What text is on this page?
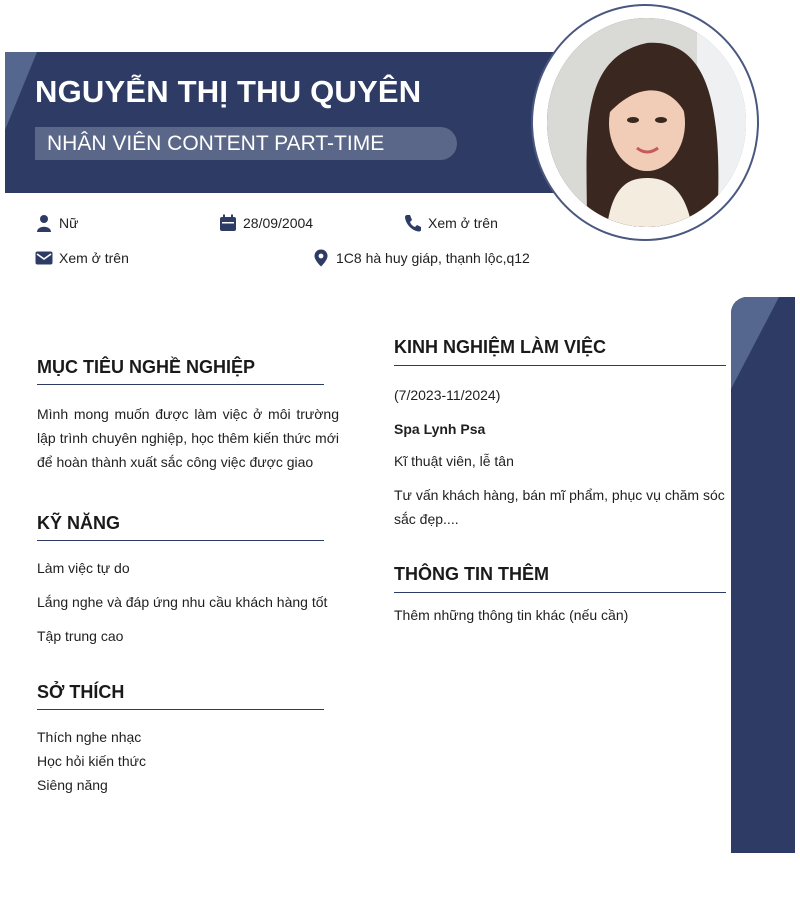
NGUYỄN THỊ THU QUYÊN
NHÂN VIÊN CONTENT PART-TIME
Nữ	28/09/2004	Xem ở trên
Xem ở trên	1C8 hà huy giáp, thạnh lộc,q12
MỤC TIÊU NGHỀ NGHIỆP
Mình mong muốn được làm việc ở môi trường lập trình chuyên nghiệp, học thêm kiến thức mới để hoàn thành xuất sắc công việc được giao
KỸ NĂNG
Làm việc tự do
Lắng nghe và đáp ứng nhu cầu khách hàng tốt
Tập trung cao
SỞ THÍCH
Thích nghe nhạc
Học hỏi kiến thức
Siêng năng
KINH NGHIỆM LÀM VIỆC
(7/2023-11/2024)
Spa Lynh Psa
Kĩ thuật viên, lễ tân
Tư vấn khách hàng, bán mĩ phẩm, phục vụ chăm sóc sắc đẹp....
THÔNG TIN THÊM
Thêm những thông tin khác (nếu cần)
